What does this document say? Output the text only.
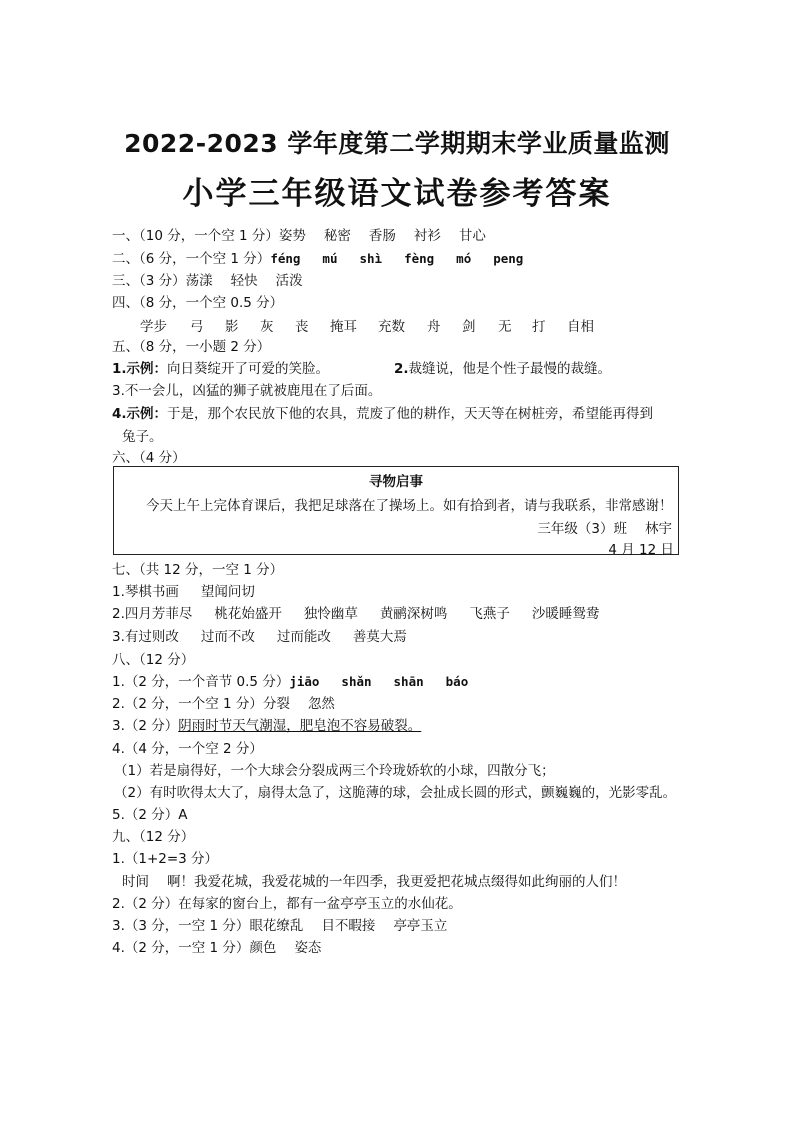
2022-2023 学年度第二学期期末学业质量监测
小学三年级语文试卷参考答案
一、（10 分，一个空 1 分）姿势 秘密 香肠 衬衫 甘心
二、（6 分，一个空 1 分）féng mú shì fèng mó peng
三、（3 分）荡漾 轻快 活泼
四、（8 分，一个空 0.5 分）
学步 弓 影 灰 丧 掩耳 充数 舟 剑 无 打 自相
五、（8 分，一小题 2 分）
1.示例：向日葵绽开了可爱的笑脸。	2.裁缝说，他是个性子最慢的裁缝。
3.不一会儿，凶猛的狮子就被鹿甩在了后面。
4.示例：于是，那个农民放下他的农具，荒废了他的耕作，天天等在树桩旁，希望能再得到
兔子。
六、（4 分）
寻物启事
今天上午上完体育课后，我把足球落在了操场上。如有拾到者，请与我联系，非常感谢！
三年级（3）班 林宇
4 月 12 日
七、（共 12 分，一空 1 分）
1.琴棋书画 望闻问切
2.四月芳菲尽 桃花始盛开 独怜幽草 黄鹂深树鸣 飞燕子 沙暖睡鸳鸯
3.有过则改 过而不改 过而能改 善莫大焉
八、（12 分）
1.（2 分，一个音节 0.5 分）jiāo shǎn shān báo
2.（2 分，一个空 1 分）分裂 忽然
3.（2 分）阴雨时节天气潮湿，肥皂泡不容易破裂。
4.（4 分，一个空 2 分）
（1）若是扇得好，一个大球会分裂成两三个玲珑娇软的小球，四散分飞；
（2）有时吹得太大了，扇得太急了，这脆薄的球，会扯成长圆的形式，颤巍巍的，光影零乱。
5.（2 分）A
九、（12 分）
1.（1+2=3 分）
时间 啊！我爱花城，我爱花城的一年四季，我更爱把花城点缀得如此绚丽的人们！
2.（2 分）在每家的窗台上，都有一盆亭亭玉立的水仙花。
3.（3 分，一空 1 分）眼花缭乱 目不暇接 亭亭玉立
4.（2 分，一空 1 分）颜色 姿态
